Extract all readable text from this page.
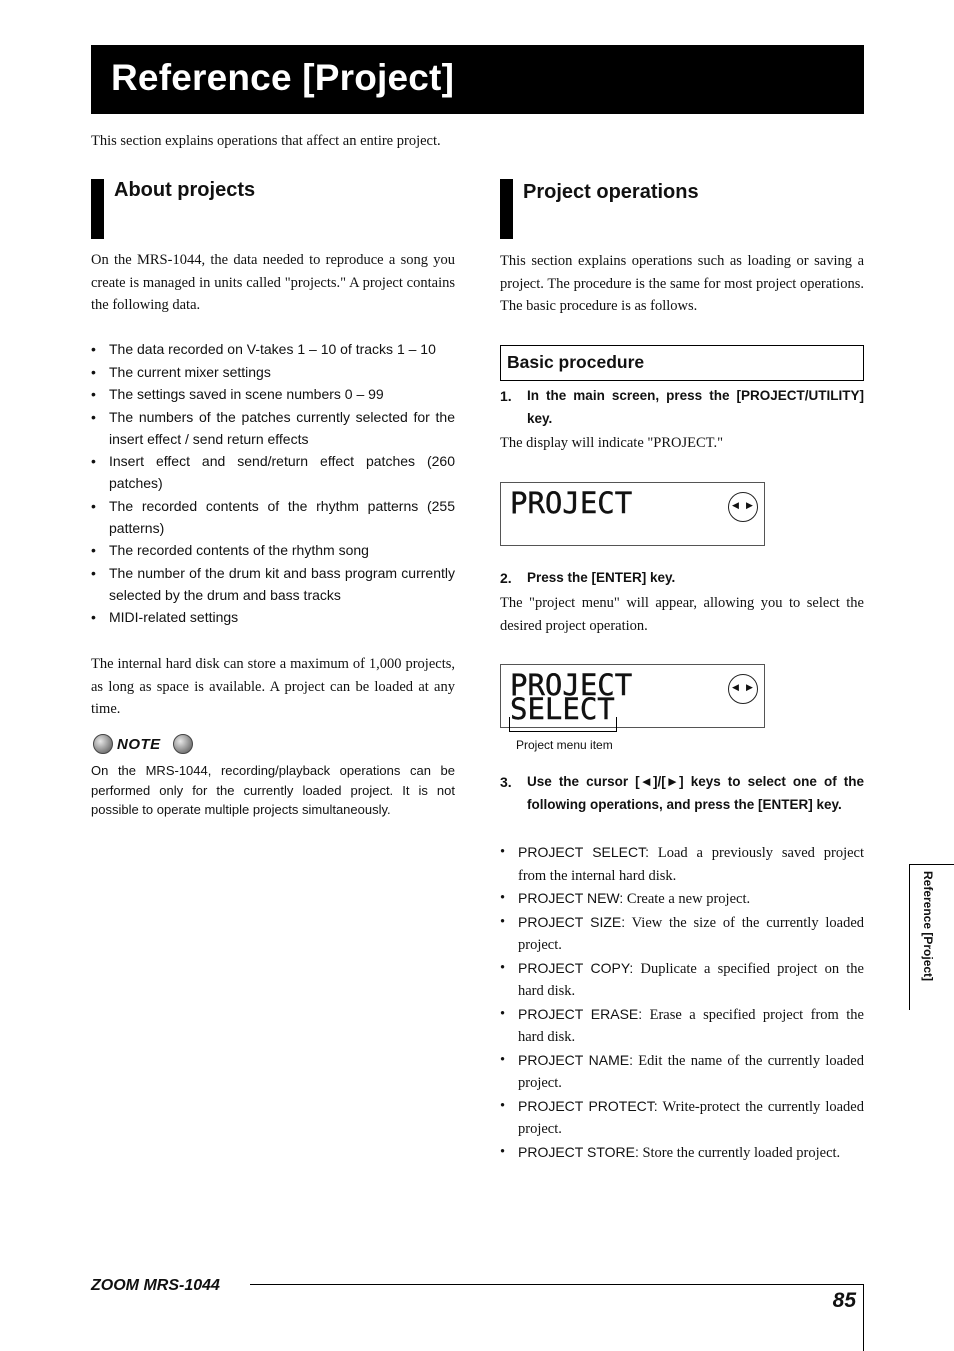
Reference [Project]
This section explains operations that affect an entire project.
About projects
On the MRS-1044, the data needed to reproduce a song you create is managed in units called "projects." A project contains the following data.
• The data recorded on V-takes 1 – 10 of tracks 1 – 10
• The current mixer settings
• The settings saved in scene numbers 0 – 99
• The numbers of the patches currently selected for the insert effect / send return effects
• Insert effect and send/return effect patches (260 patches)
• The recorded contents of the rhythm patterns (255 patterns)
• The recorded contents of the rhythm song
• The number of the drum kit and bass program currently selected by the drum and bass tracks
• MIDI-related settings
The internal hard disk can store a maximum of 1,000 projects, as long as space is available. A project can be loaded at any time.
NOTE
On the MRS-1044, recording/playback operations can be performed only for the currently loaded project. It is not possible to operate multiple projects simultaneously.
Project operations
This section explains operations such as loading or saving a project. The procedure is the same for most project operations. The basic procedure is as follows.
Basic procedure
1. In the main screen, press the [PROJECT/UTILITY] key.
The display will indicate "PROJECT."
PROJECT	◀ ▶
2. Press the [ENTER] key.
The "project menu" will appear, allowing you to select the desired project operation.
PROJECT
SELECT
◀ ▶
Project menu item
3. Use the cursor [◄]/[►] keys to select one of the following operations, and press the [ENTER] key.
• PROJECT SELECT: Load a previously saved project from the internal hard disk.
• PROJECT NEW: Create a new project.
• PROJECT SIZE: View the size of the currently loaded project.
• PROJECT COPY: Duplicate a specified project on the hard disk.
• PROJECT ERASE: Erase a specified project from the hard disk.
• PROJECT NAME: Edit the name of the currently loaded project.
• PROJECT PROTECT: Write-protect the currently loaded project.
• PROJECT STORE: Store the currently loaded project.
Reference [Project]
ZOOM MRS-1044
85
